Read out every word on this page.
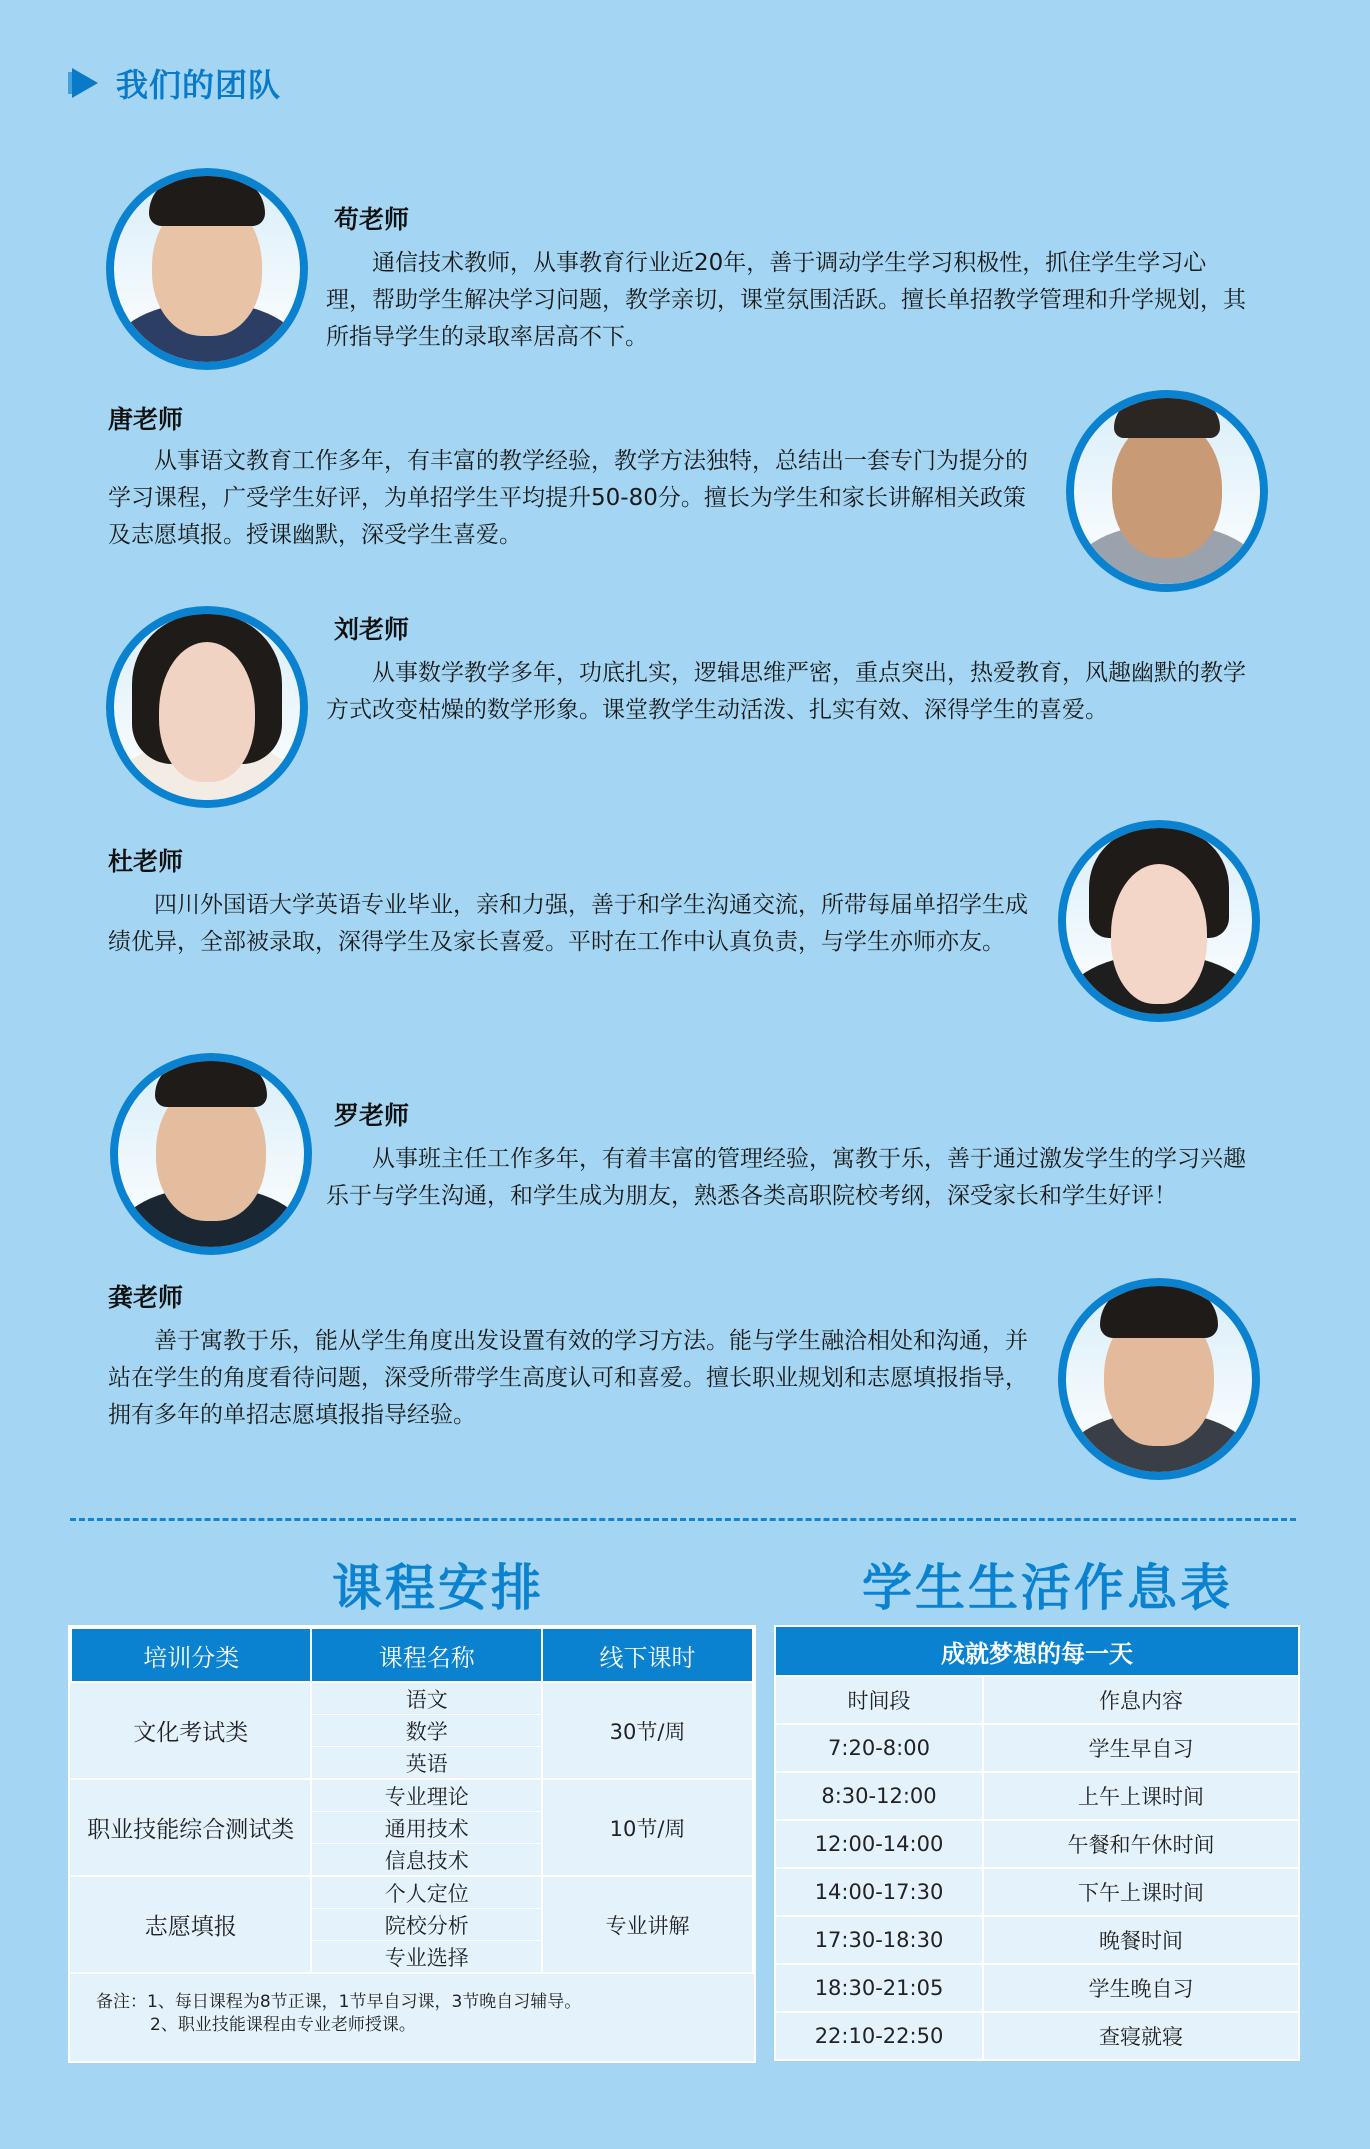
我们的团队
苟老师

通信技术教师，从事教育行业近20年，善于调动学生学习积极性，抓住学生学习心理，帮助学生解决学习问题，教学亲切，课堂氛围活跃。擅长单招教学管理和升学规划，其所指导学生的录取率居高不下。

唐老师

从事语文教育工作多年，有丰富的教学经验，教学方法独特，总结出一套专门为提分的学习课程，广受学生好评，为单招学生平均提升50-80分。擅长为学生和家长讲解相关政策及志愿填报。授课幽默，深受学生喜爱。

刘老师

从事数学教学多年，功底扎实，逻辑思维严密，重点突出，热爱教育，风趣幽默的教学方式改变枯燥的数学形象。课堂教学生动活泼、扎实有效、深得学生的喜爱。

杜老师

四川外国语大学英语专业毕业，亲和力强，善于和学生沟通交流，所带每届单招学生成绩优异，全部被录取，深得学生及家长喜爱。平时在工作中认真负责，与学生亦师亦友。

罗老师

从事班主任工作多年，有着丰富的管理经验，寓教于乐，善于通过激发学生的学习兴趣乐于与学生沟通，和学生成为朋友，熟悉各类高职院校考纲，深受家长和学生好评！

龚老师

善于寓教于乐，能从学生角度出发设置有效的学习方法。能与学生融洽相处和沟通，并站在学生的角度看待问题，深受所带学生高度认可和喜爱。擅长职业规划和志愿填报指导，拥有多年的单招志愿填报指导经验。

课程安排
培训分类	课程名称	线下课时
文化考试类	语文	30节/周
	数学	
	英语	
职业技能综合测试类	专业理论	10节/周
	通用技术	
	信息技术	
志愿填报	个人定位	专业讲解
	院校分析	
	专业选择	
备注：1、每日课程为8节正课，1节早自习课，3节晚自习辅导。
2、职业技能课程由专业老师授课。
学生生活作息表
成就梦想的每一天	
时间段	作息内容
7:20-8:00	学生早自习
8:30-12:00	上午上课时间
12:00-14:00	午餐和午休时间
14:00-17:30	下午上课时间
17:30-18:30	晚餐时间
18:30-21:05	学生晚自习
22:10-22:50	查寝就寝
